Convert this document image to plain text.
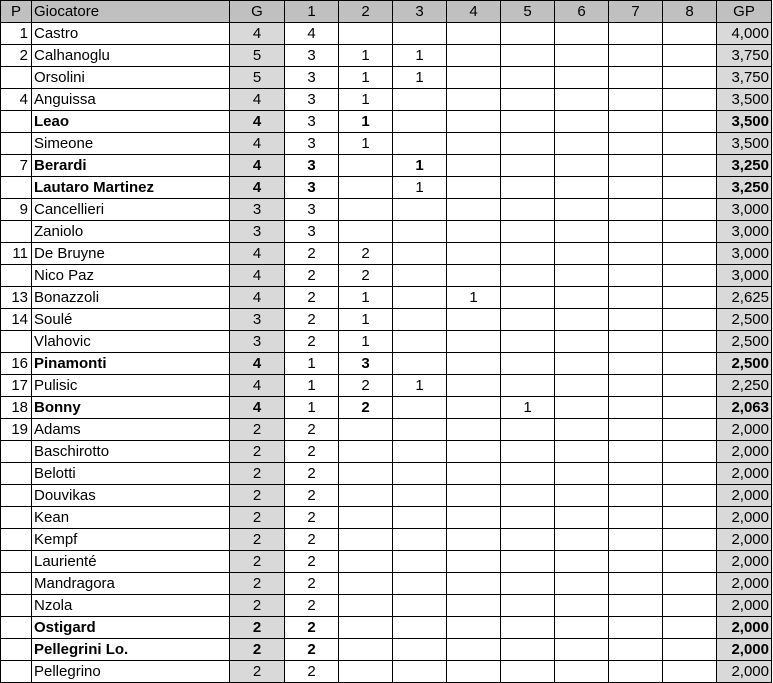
P	Giocatore	G	1	2	3	4	5	6	7	8	GP
1	Castro	4	4								4,000
2	Calhanoglu	5	3	1	1						3,750
	Orsolini	5	3	1	1						3,750
4	Anguissa	4	3	1							3,500
	Leao	4	3	1							3,500
	Simeone	4	3	1							3,500
7	Berardi	4	3		1						3,250
	Lautaro Martinez	4	3		1						3,250
9	Cancellieri	3	3								3,000
	Zaniolo	3	3								3,000
11	De Bruyne	4	2	2							3,000
	Nico Paz	4	2	2							3,000
13	Bonazzoli	4	2	1		1					2,625
14	Soulé	3	2	1							2,500
	Vlahovic	3	2	1							2,500
16	Pinamonti	4	1	3							2,500
17	Pulisic	4	1	2	1						2,250
18	Bonny	4	1	2			1				2,063
19	Adams	2	2								2,000
	Baschirotto	2	2								2,000
	Belotti	2	2								2,000
	Douvikas	2	2								2,000
	Kean	2	2								2,000
	Kempf	2	2								2,000
	Laurienté	2	2								2,000
	Mandragora	2	2								2,000
	Nzola	2	2								2,000
	Ostigard	2	2								2,000
	Pellegrini Lo.	2	2								2,000
	Pellegrino	2	2								2,000
